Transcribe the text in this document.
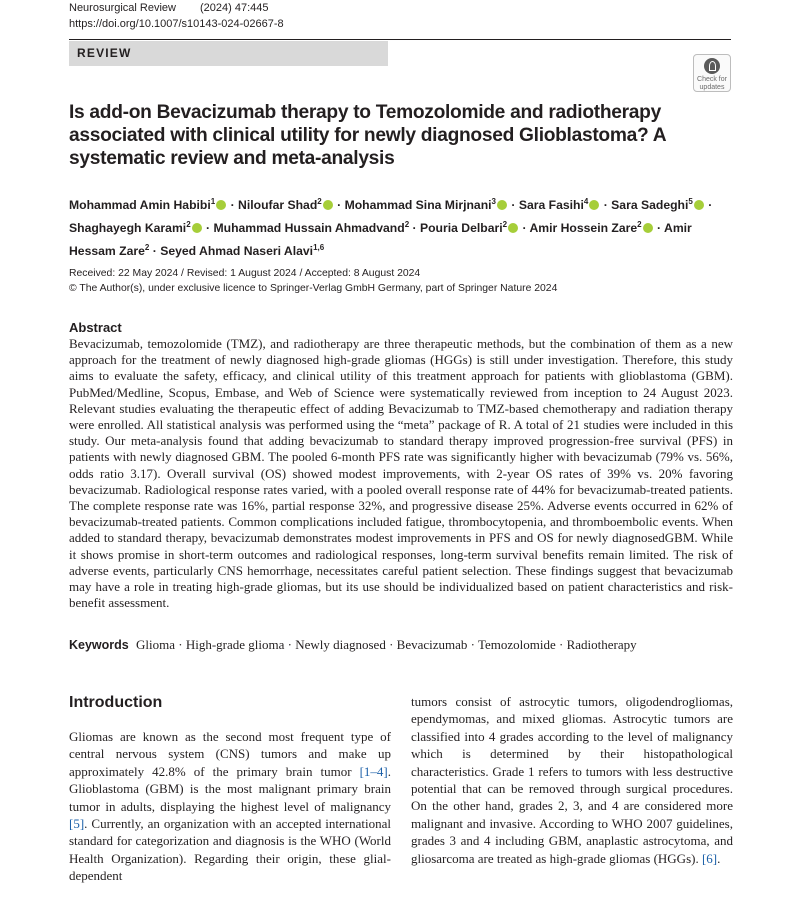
Neurosurgical Review (2024) 47:445
https://doi.org/10.1007/s10143-024-02667-8
REVIEW
Check for
updates
Is add-on Bevacizumab therapy to Temozolomide and radiotherapy associated with clinical utility for newly diagnosed Glioblastoma? A systematic review and meta-analysis
Mohammad Amin Habibi$^1$ · Niloufar Shad$^2$ · Mohammad Sina Mirjnani$^3$ · Sara Fasihi$^4$ · Sara Sadeghi$^5$ · Shaghayegh Karami$^2$ · Muhammad Hussain Ahmadvand$^2$ · Pouria Delbari$^2$ · Amir Hossein Zare$^2$ · Amir Hessam Zare$^2$ · Seyed Ahmad Naseri Alavi$^{1,6}$
Received: 22 May 2024 / Revised: 1 August 2024 / Accepted: 8 August 2024
© The Author(s), under exclusive licence to Springer-Verlag GmbH Germany, part of Springer Nature 2024
Abstract

Bevacizumab, temozolomide (TMZ), and radiotherapy are three therapeutic methods, but the combination of them as a new approach for the treatment of newly diagnosed high-grade gliomas (HGGs) is still under investigation. Therefore, this study aims to evaluate the safety, efficacy, and clinical utility of this treatment approach for patients with glioblastoma (GBM). PubMed/Medline, Scopus, Embase, and Web of Science were systematically reviewed from inception to 24 August 2023. Relevant studies evaluating the therapeutic effect of adding Bevacizumab to TMZ-based chemotherapy and radiation therapy were enrolled. All statistical analysis was performed using the “meta” package of R. A total of 21 studies were included in this study. Our meta-analysis found that adding bevacizumab to standard therapy improved progression-free survival (PFS) in patients with newly diagnosed GBM. The pooled 6-month PFS rate was significantly higher with bevacizumab (79% vs. 56%, odds ratio 3.17). Overall survival (OS) showed modest improvements, with 2-year OS rates of 39% vs. 20% favoring bevacizumab. Radiological response rates varied, with a pooled overall response rate of 44% for bevacizumab-treated patients. The complete response rate was 16%, partial response 32%, and progressive disease 25%. Adverse events occurred in 62% of bevacizumab-treated patients. Common complications included fatigue, thrombocytopenia, and thromboembolic events. When added to standard therapy, bevacizumab demonstrates modest improvements in PFS and OS for newly diagnosedGBM. While it shows promise in short-term outcomes and radiological responses, long-term survival benefits remain limited. The risk of adverse events, particularly CNS hemorrhage, necessitates careful patient selection. These findings suggest that bevacizumab may have a role in treating high-grade gliomas, but its use should be individualized based on patient characteristics and risk-benefit assessment.

Keywords Glioma · High-grade glioma · Newly diagnosed · Bevacizumab · Temozolomide · Radiotherapy
Introduction

Gliomas are known as the second most frequent type of central nervous system (CNS) tumors and make up approximately 42.8% of the primary brain tumor [1–4]. Glioblastoma (GBM) is the most malignant primary brain tumor in adults, displaying the highest level of malignancy [5]. Currently, an organization with an accepted international standard for categorization and diagnosis is the WHO (World Health Organization). Regarding their origin, these glial-dependent

tumors consist of astrocytic tumors, oligodendrogliomas, ependymomas, and mixed gliomas. Astrocytic tumors are classified into 4 grades according to the level of malignancy which is determined by their histopathological characteristics. Grade 1 refers to tumors with less destructive potential that can be removed through surgical procedures. On the other hand, grades 2, 3, and 4 are considered more malignant and invasive. According to WHO 2007 guidelines, grades 3 and 4 including GBM, anaplastic astrocytoma, and gliosarcoma are treated as high-grade gliomas (HGGs). [6].
